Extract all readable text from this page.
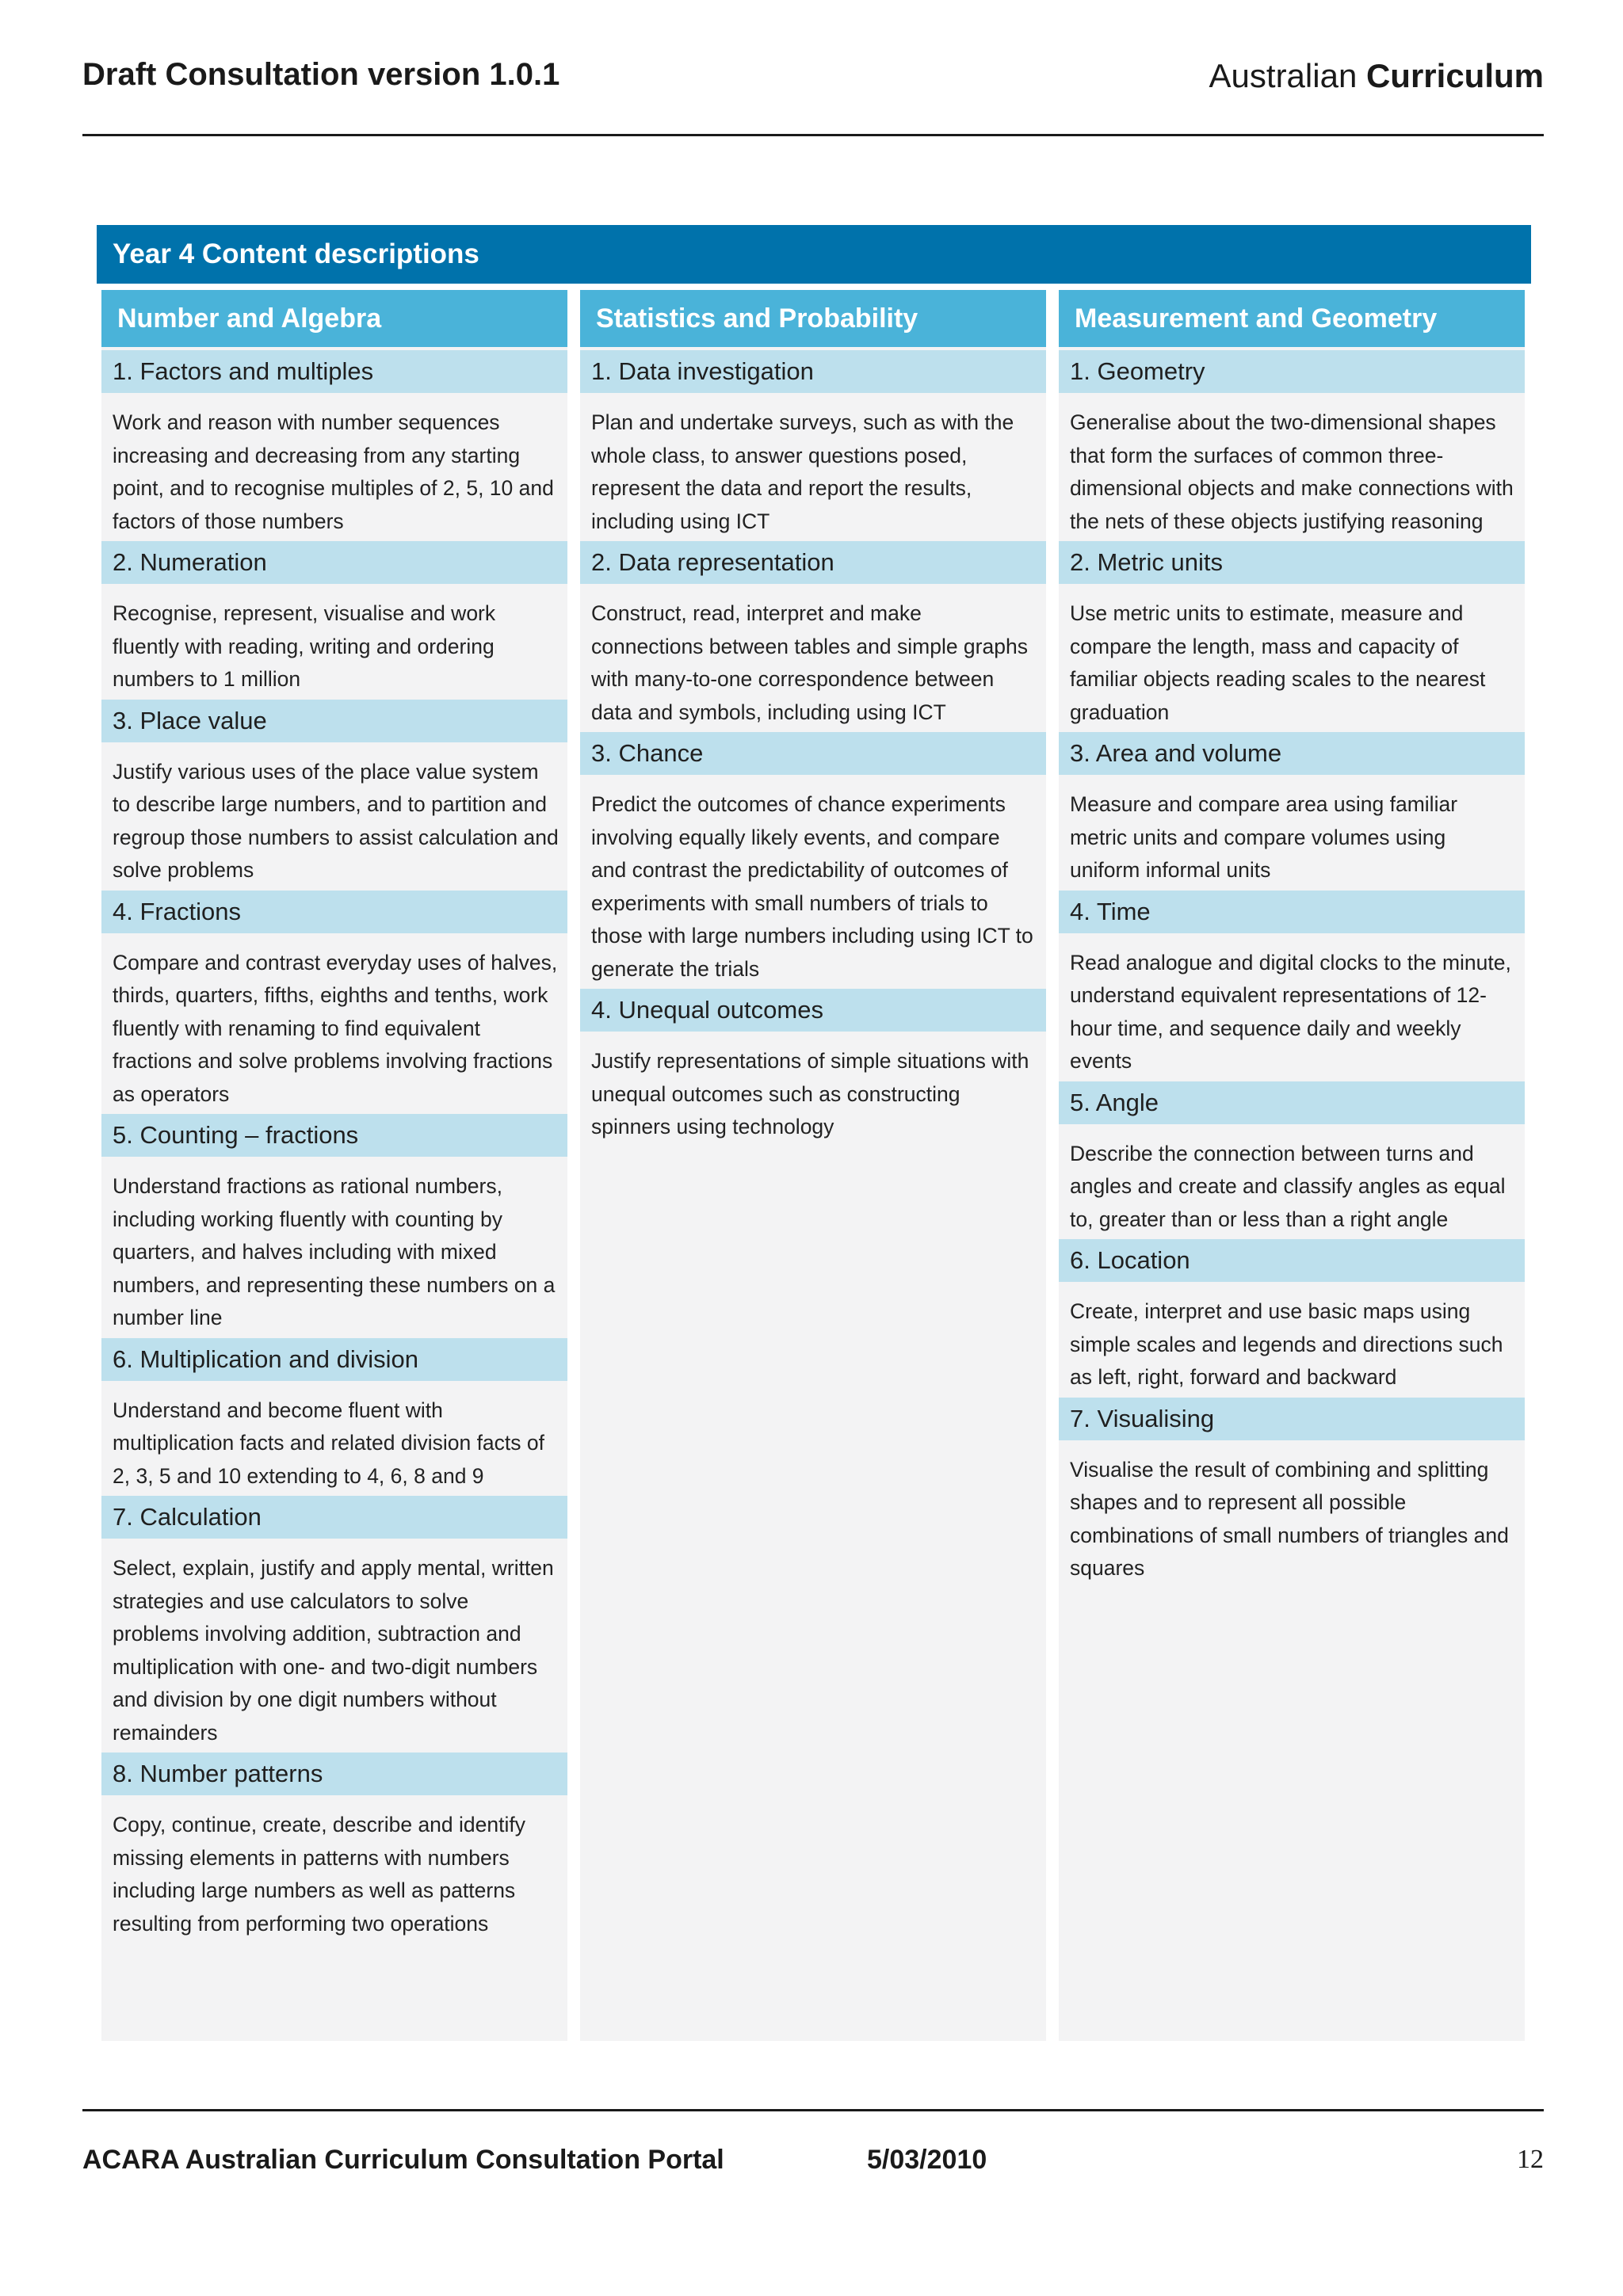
Draft Consultation version 1.0.1	Australian Curriculum
Year 4 Content descriptions
Number and Algebra
1. Factors and multiples
Work and reason with number sequences increasing and decreasing from any starting point, and to recognise multiples of 2, 5, 10 and factors of those numbers
2. Numeration
Recognise, represent, visualise and work fluently with reading, writing and ordering numbers to 1 million
3. Place value
Justify various uses of the place value system to describe large numbers, and to partition and regroup those numbers to assist calculation and solve problems
4. Fractions
Compare and contrast everyday uses of halves, thirds, quarters, fifths, eighths and tenths, work fluently with renaming to find equivalent fractions and solve problems involving fractions as operators
5. Counting – fractions
Understand fractions as rational numbers, including working fluently with counting by quarters, and halves including with mixed numbers, and representing these numbers on a number line
6. Multiplication and division
Understand and become fluent with multiplication facts and related division facts of 2, 3, 5 and 10 extending to 4, 6, 8 and 9
7. Calculation
Select, explain, justify and apply mental, written strategies and use calculators to solve problems involving addition, subtraction and multiplication with one- and two-digit numbers and division by one digit numbers without remainders
8. Number patterns
Copy, continue, create, describe and identify missing elements in patterns with numbers including large numbers as well as patterns resulting from performing two operations
Statistics and Probability
1. Data investigation
Plan and undertake surveys, such as with the whole class, to answer questions posed, represent the data and report the results, including using ICT
2. Data representation
Construct, read, interpret and make connections between tables and simple graphs with many-to-one correspondence between data and symbols, including using ICT
3. Chance
Predict the outcomes of chance experiments involving equally likely events, and compare and contrast the predictability of outcomes of experiments with small numbers of trials to those with large numbers including using ICT to generate the trials
4. Unequal outcomes
Justify representations of simple situations with unequal outcomes such as constructing spinners using technology
Measurement and Geometry
1. Geometry
Generalise about the two-dimensional shapes that form the surfaces of common three-dimensional objects and make connections with the nets of these objects justifying reasoning
2. Metric units
Use metric units to estimate, measure and compare the length, mass and capacity of familiar objects reading scales to the nearest graduation
3. Area and volume
Measure and compare area using familiar metric units and compare volumes using uniform informal units
4. Time
Read analogue and digital clocks to the minute, understand equivalent representations of 12-hour time, and sequence daily and weekly events
5. Angle
Describe the connection between turns and angles and create and classify angles as equal to, greater than or less than a right angle
6. Location
Create, interpret and use basic maps using simple scales and legends and directions such as left, right, forward and backward
7. Visualising
Visualise the result of combining and splitting shapes and to represent all possible combinations of small numbers of triangles and squares
ACARA Australian Curriculum Consultation Portal	5/03/2010	12
